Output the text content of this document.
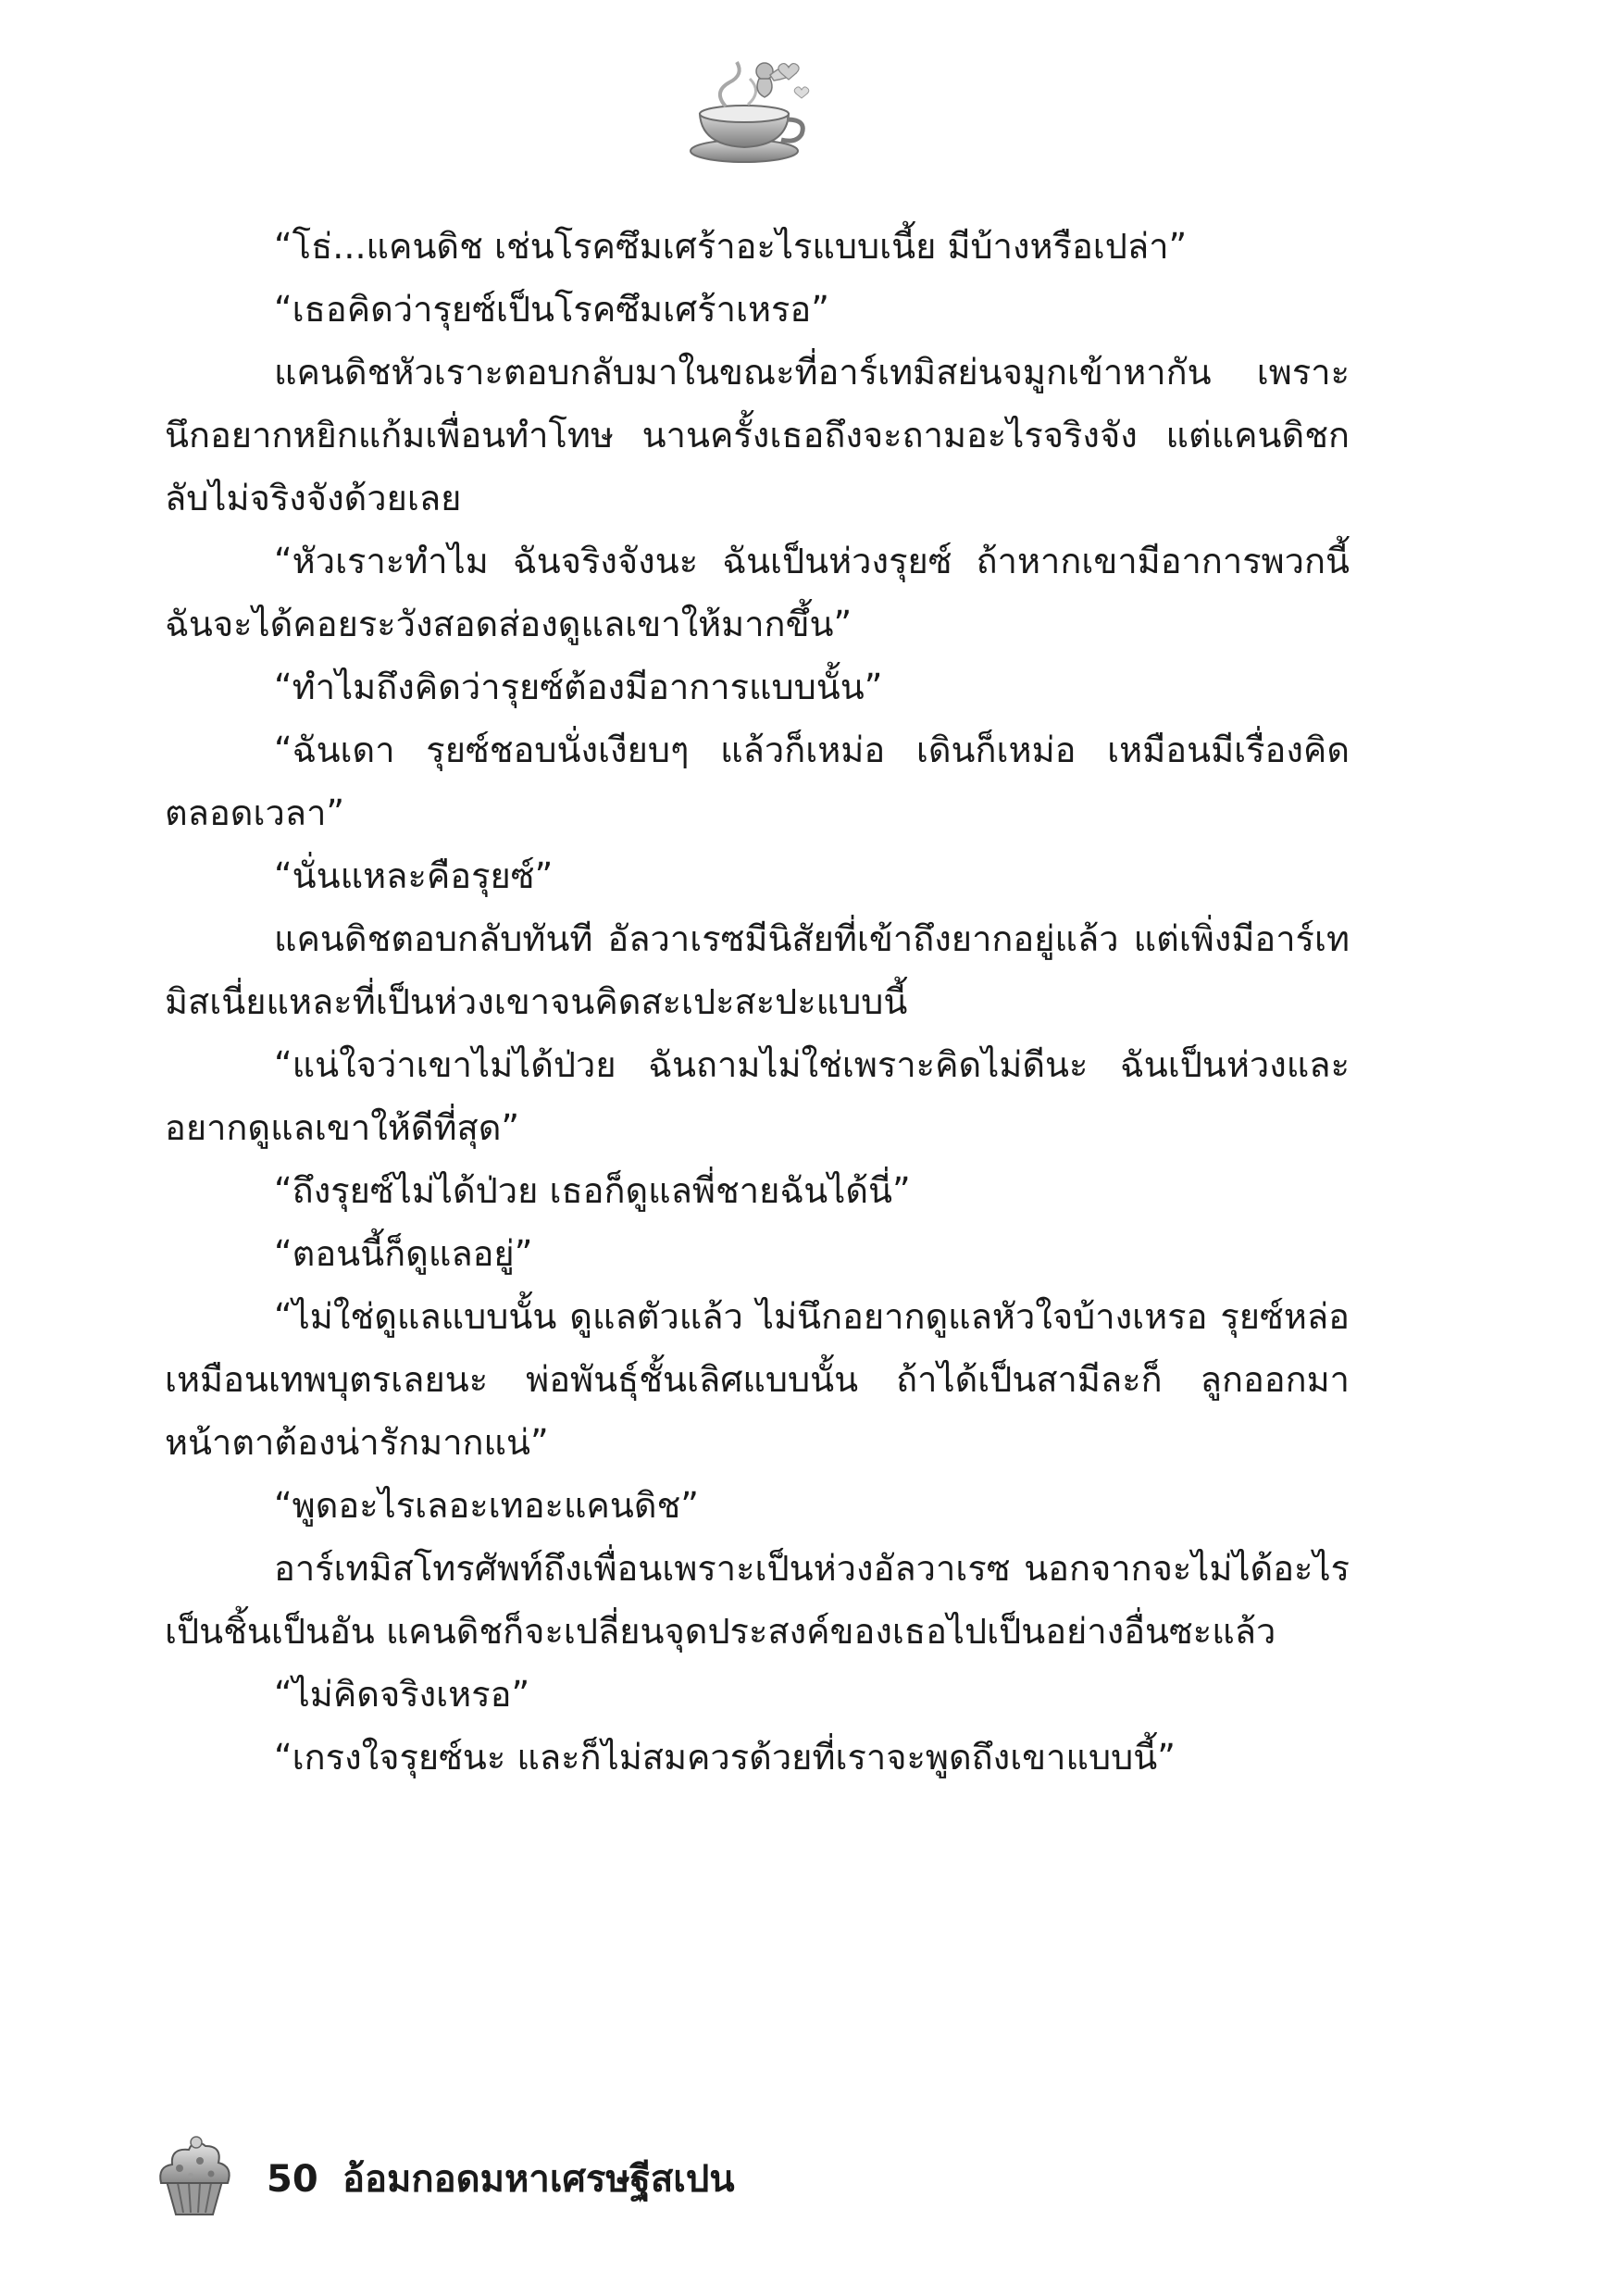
“โธ่...แคนดิช เช่นโรคซึมเศร้าอะไรแบบเนี้ย มีบ้างหรือเปล่า”

“เธอคิดว่ารุยซ์เป็นโรคซึมเศร้าเหรอ”

แคนดิชหัวเราะตอบกลับมาในขณะที่อาร์เทมิสย่นจมูกเข้าหากัน เพราะนึกอยากหยิกแก้มเพื่อนทำโทษ นานครั้งเธอถึงจะถามอะไรจริงจัง แต่แคนดิชกลับไม่จริงจังด้วยเลย

“หัวเราะทำไม ฉันจริงจังนะ ฉันเป็นห่วงรุยซ์ ถ้าหากเขามีอาการพวกนี้ ฉันจะได้คอยระวังสอดส่องดูแลเขาให้มากขึ้น”

“ทำไมถึงคิดว่ารุยซ์ต้องมีอาการแบบนั้น”

“ฉันเดา รุยซ์ชอบนั่งเงียบๆ แล้วก็เหม่อ เดินก็เหม่อ เหมือนมีเรื่องคิดตลอดเวลา”

“นั่นแหละคือรุยซ์”

แคนดิชตอบกลับทันที อัลวาเรซมีนิสัยที่เข้าถึงยากอยู่แล้ว แต่เพิ่งมีอาร์เทมิสเนี่ยแหละที่เป็นห่วงเขาจนคิดสะเปะสะปะแบบนี้

“แน่ใจว่าเขาไม่ได้ป่วย ฉันถามไม่ใช่เพราะคิดไม่ดีนะ ฉันเป็นห่วงและอยากดูแลเขาให้ดีที่สุด”

“ถึงรุยซ์ไม่ได้ป่วย เธอก็ดูแลพี่ชายฉันได้นี่”

“ตอนนี้ก็ดูแลอยู่”

“ไม่ใช่ดูแลแบบนั้น ดูแลตัวแล้ว ไม่นึกอยากดูแลหัวใจบ้างเหรอ รุยซ์หล่อเหมือนเทพบุตรเลยนะ พ่อพันธุ์ชั้นเลิศแบบนั้น ถ้าได้เป็นสามีละก็ ลูกออกมาหน้าตาต้องน่ารักมากแน่”

“พูดอะไรเลอะเทอะแคนดิช”

อาร์เทมิสโทรศัพท์ถึงเพื่อนเพราะเป็นห่วงอัลวาเรซ นอกจากจะไม่ได้อะไรเป็นชิ้นเป็นอัน แคนดิชก็จะเปลี่ยนจุดประสงค์ของเธอไปเป็นอย่างอื่นซะแล้ว

“ไม่คิดจริงเหรอ”

“เกรงใจรุยซ์นะ และก็ไม่สมควรด้วยที่เราจะพูดถึงเขาแบบนี้”

50 อ้อมกอดมหาเศรษฐีสเปน
